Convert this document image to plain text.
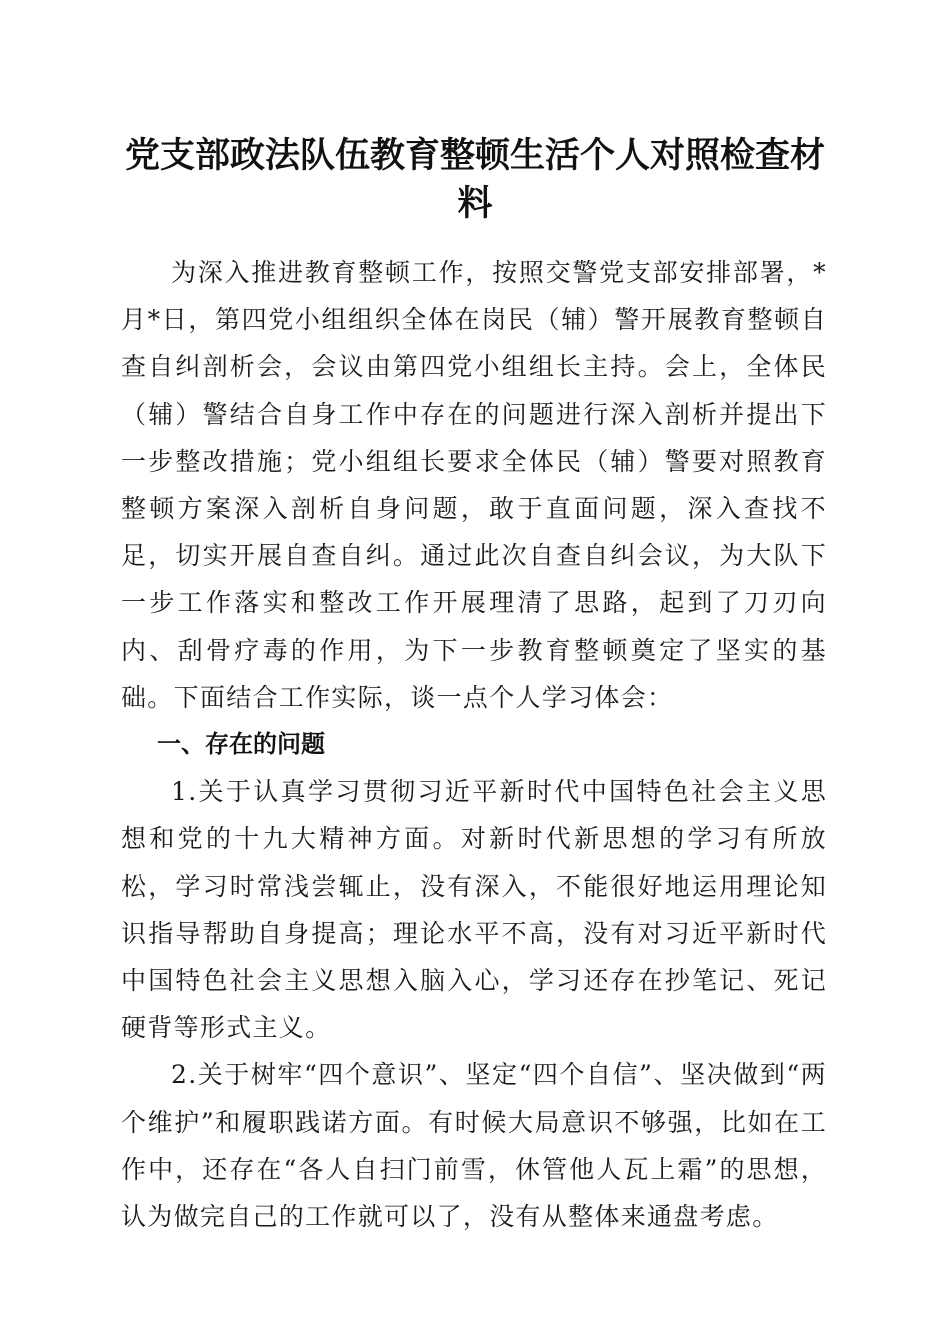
党支部政法队伍教育整顿生活个人对照检查材料

为深入推进教育整顿工作，按照交警党支部安排部署，*月*日，第四党小组组织全体在岗民（辅）警开展教育整顿自查自纠剖析会，会议由第四党小组组长主持。会上，全体民（辅）警结合自身工作中存在的问题进行深入剖析并提出下一步整改措施；党小组组长要求全体民（辅）警要对照教育整顿方案深入剖析自身问题，敢于直面问题，深入查找不足，切实开展自查自纠。通过此次自查自纠会议，为大队下一步工作落实和整改工作开展理清了思路，起到了刀刃向内、刮骨疗毒的作用，为下一步教育整顿奠定了坚实的基础。下面结合工作实际，谈一点个人学习体会：

一、存在的问题

1.关于认真学习贯彻习近平新时代中国特色社会主义思想和党的十九大精神方面。对新时代新思想的学习有所放松，学习时常浅尝辄止，没有深入，不能很好地运用理论知识指导帮助自身提高；理论水平不高，没有对习近平新时代中国特色社会主义思想入脑入心，学习还存在抄笔记、死记硬背等形式主义。

2.关于树牢“四个意识”、坚定“四个自信”、坚决做到“两个维护”和履职践诺方面。有时候大局意识不够强，比如在工作中，还存在“各人自扫门前雪，休管他人瓦上霜”的思想，认为做完自己的工作就可以了，没有从整体来通盘考虑。
